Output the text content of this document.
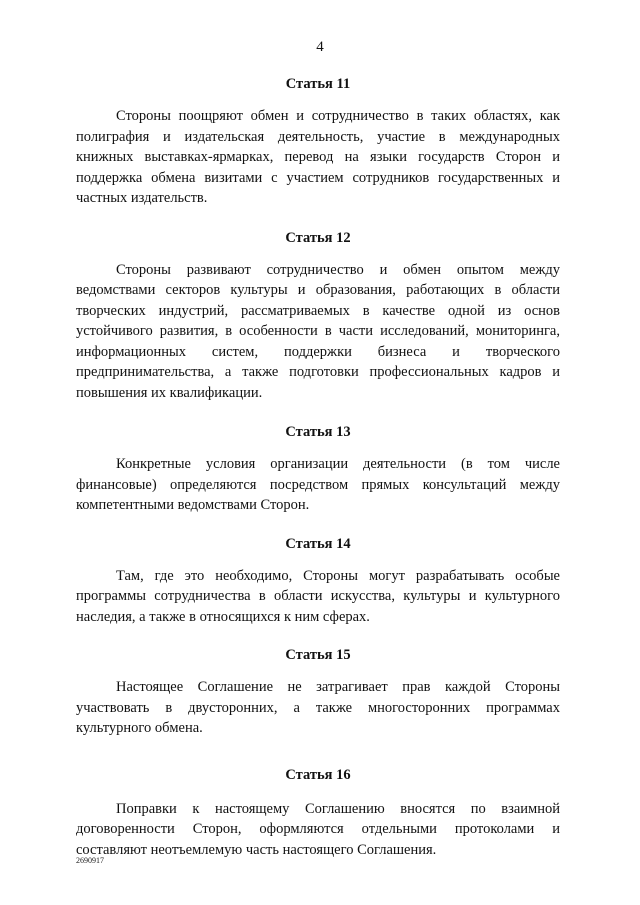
4
Статья 11

Стороны поощряют обмен и сотрудничество в таких областях, как полиграфия и издательская деятельность, участие в международных книжных выставках-ярмарках, перевод на языки государств Сторон и поддержка обмена визитами с участием сотрудников государственных и частных издательств.

Статья 12

Стороны развивают сотрудничество и обмен опытом между ведомствами секторов культуры и образования, работающих в области творческих индустрий, рассматриваемых в качестве одной из основ устойчивого развития, в особенности в части исследований, мониторинга, информационных систем, поддержки бизнеса и творческого предпринимательства, а также подготовки профессиональных кадров и повышения их квалификации.

Статья 13

Конкретные условия организации деятельности (в том числе финансовые) определяются посредством прямых консультаций между компетентными ведомствами Сторон.

Статья 14

Там, где это необходимо, Стороны могут разрабатывать особые программы сотрудничества в области искусства, культуры и культурного наследия, а также в относящихся к ним сферах.

Статья 15

Настоящее Соглашение не затрагивает прав каждой Стороны участвовать в двусторонних, а также многосторонних программах культурного обмена.

Статья 16

Поправки к настоящему Соглашению вносятся по взаимной договоренности Сторон, оформляются отдельными протоколами и составляют неотъемлемую часть настоящего Соглашения.

2690917
